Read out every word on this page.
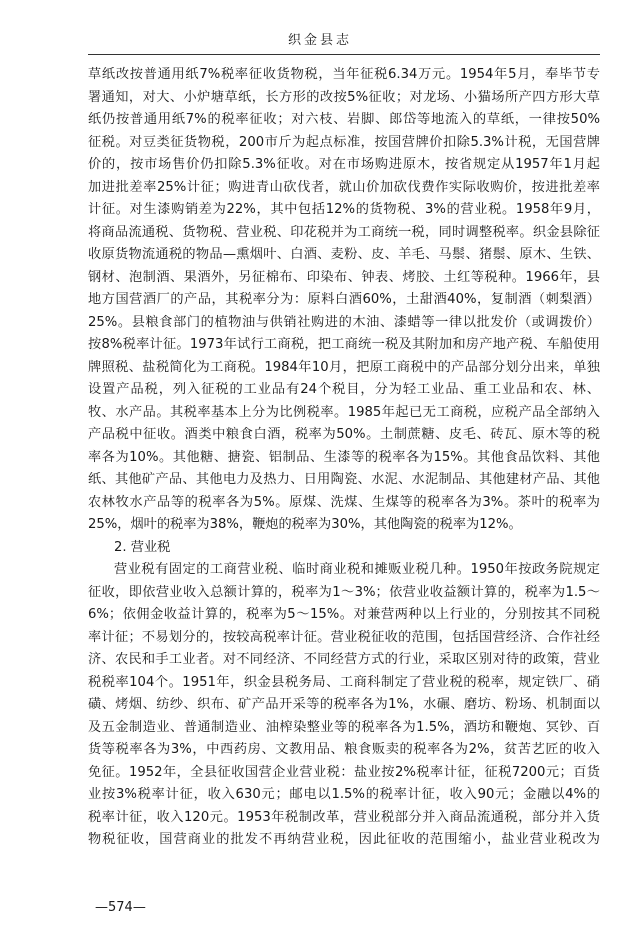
织金县志
草纸改按普通用纸7%税率征收货物税，当年征税6.34万元。1954年5月，奉毕节专
署通知，对大、小炉塘草纸，长方形的改按5%征收；对龙场、小猫场所产四方形大草
纸仍按普通用纸7%的税率征收；对六枝、岩脚、郎岱等地流入的草纸，一律按50%
征税。对豆类征货物税，200市斤为起点标准，按国营牌价扣除5.3%计税，无国营牌
价的，按市场售价仍扣除5.3%征收。对在市场购进原木，按省规定从1957年1月起
加进批差率25%计征；购进青山砍伐者，就山价加砍伐费作实际收购价，按进批差率
计征。对生漆购销差为22%，其中包括12%的货物税、3%的营业税。1958年9月，
将商品流通税、货物税、营业税、印花税并为工商统一税，同时调整税率。织金县除征
收原货物流通税的物品—熏烟叶、白酒、麦粉、皮、羊毛、马鬃、猪鬃、原木、生铁、
钢材、泡制酒、果酒外，另征棉布、印染布、钟表、烤胶、土红等税种。1966年，县
地方国营酒厂的产品，其税率分为：原料白酒60%，土甜酒40%，复制酒（刺梨酒）
25%。县粮食部门的植物油与供销社购进的木油、漆蜡等一律以批发价（或调拨价）
按8%税率计征。1973年试行工商税，把工商统一税及其附加和房产地产税、车船使用
牌照税、盐税简化为工商税。1984年10月，把原工商税中的产品部分划分出来，单独
设置产品税，列入征税的工业品有24个税目，分为轻工业品、重工业品和农、林、
牧、水产品。其税率基本上分为比例税率。1985年起已无工商税，应税产品全部纳入
产品税中征收。酒类中粮食白酒，税率为50%。土制蔗糖、皮毛、砖瓦、原木等的税
率各为10%。其他糖、搪瓷、铝制品、生漆等的税率各为15%。其他食品饮料、其他
纸、其他矿产品、其他电力及热力、日用陶瓷、水泥、水泥制品、其他建材产品、其他
农林牧水产品等的税率各为5%。原煤、洗煤、生煤等的税率各为3%。茶叶的税率为
25%，烟叶的税率为38%，鞭炮的税率为30%，其他陶瓷的税率为12%。
2. 营业税
营业税有固定的工商营业税、临时商业税和摊贩业税几种。1950年按政务院规定
征收，即依营业收入总额计算的，税率为1～3%；依营业收益额计算的，税率为1.5～
6%；依佣金收益计算的，税率为5～15%。对兼营两种以上行业的，分别按其不同税
率计征；不易划分的，按较高税率计征。营业税征收的范围，包括国营经济、合作社经
济、农民和手工业者。对不同经济、不同经营方式的行业，采取区别对待的政策，营业
税税率104个。1951年，织金县税务局、工商科制定了营业税的税率，规定铁厂、硝
磺、烤烟、纺纱、织布、矿产品开采等的税率各为1%，水碾、磨坊、粉场、机制面以
及五金制造业、普通制造业、油榨染整业等的税率各为1.5%，酒坊和鞭炮、冥钞、百
货等税率各为3%，中西药房、文教用品、粮食贩卖的税率各为2%，贫苦艺匠的收入
免征。1952年，全县征收国营企业营业税：盐业按2%税率计征，征税7200元；百货
业按3%税率计征，收入630元；邮电以1.5%的税率计征，收入90元；金融以4%的
税率计征，收入120元。1953年税制改革，营业税部分并入商品流通税，部分并入货
物税征收，国营商业的批发不再纳营业税，因此征收的范围缩小，盐业营业税改为
—574—
